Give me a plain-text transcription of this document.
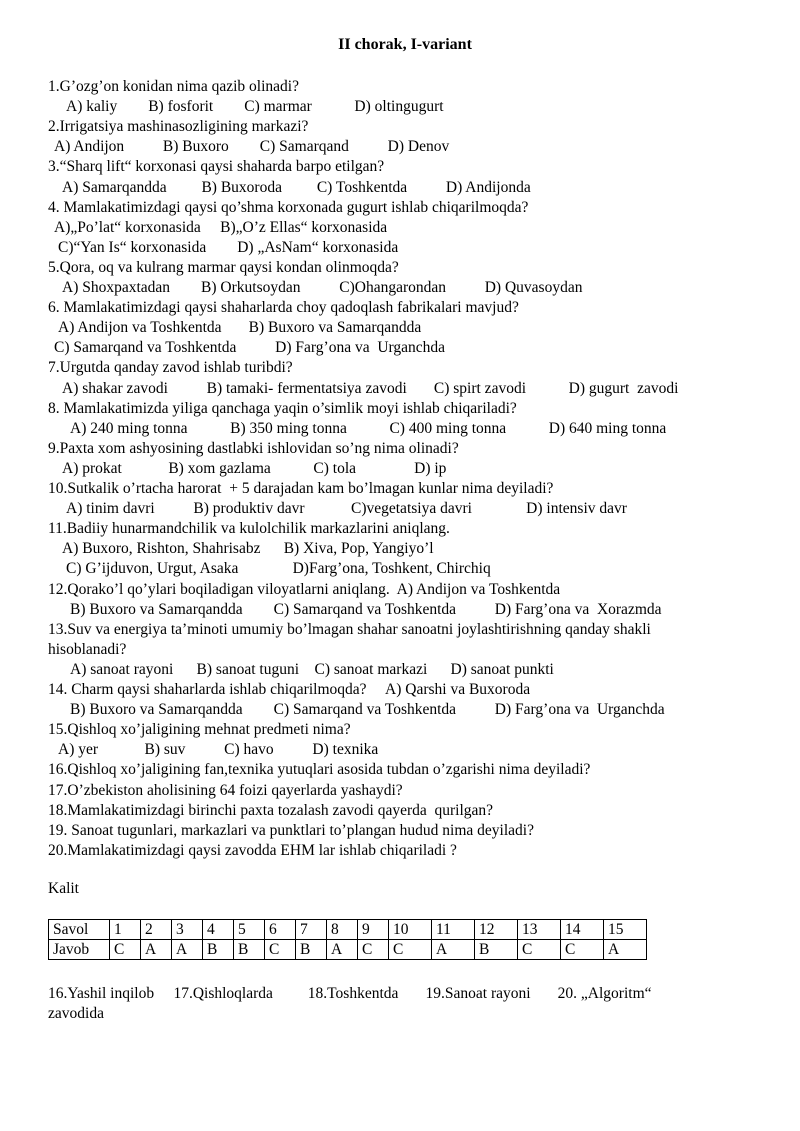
II chorak, I-variant
1.G’ozg’on konidan nima qazib olinadi?
A) kaliy        B) fosforit        C) marmar           D) oltingugurt
2.Irrigatsiya mashinasozligining markazi?
A) Andijon          B) Buxoro        C) Samarqand          D) Denov
3.“Sharq lift“ korxonasi qaysi shaharda barpo etilgan?
A) Samarqandda         B) Buxoroda         C) Toshkentda          D) Andijonda
4. Mamlakatimizdagi qaysi qo’shma korxonada gugurt ishlab chiqarilmoqda?
A)„Po’lat“ korxonasida     B)„O’z Ellas“ korxonasida
C)“Yan Is“ korxonasida        D) „AsNam“ korxonasida
5.Qora, oq va kulrang marmar qaysi kondan olinmoqda?
A) Shoxpaxtadan        B) Orkutsoydan          C)Ohangarondan          D) Quvasoydan
6. Mamlakatimizdagi qaysi shaharlarda choy qadoqlash fabrikalari mavjud?
A) Andijon va Toshkentda       B) Buxoro va Samarqandda
C) Samarqand va Toshkentda          D) Farg’ona va  Urganchda
7.Urgutda qanday zavod ishlab turibdi?
A) shakar zavodi          B) tamaki- fermentatsiya zavodi       C) spirt zavodi           D) gugurt  zavodi
8. Mamlakatimizda yiliga qanchaga yaqin o’simlik moyi ishlab chiqariladi?
A) 240 ming tonna           B) 350 ming tonna           C) 400 ming tonna           D) 640 ming tonna
9.Paxta xom ashyosining dastlabki ishlovidan so’ng nima olinadi?
A) prokat            B) xom gazlama           C) tola               D) ip
10.Sutkalik o’rtacha harorat  + 5 darajadan kam bo’lmagan kunlar nima deyiladi?
A) tinim davri          B) produktiv davr            C)vegetatsiya davri              D) intensiv davr
11.Badiiy hunarmandchilik va kulolchilik markazlarini aniqlang.
A) Buxoro, Rishton, Shahrisabz      B) Xiva, Pop, Yangiyo’l
C) G’ijduvon, Urgut, Asaka              D)Farg’ona, Toshkent, Chirchiq
12.Qorako’l qo’ylari boqiladigan viloyatlarni aniqlang.  A) Andijon va Toshkentda
B) Buxoro va Samarqandda        C) Samarqand va Toshkentda          D) Farg’ona va  Xorazmda
13.Suv va energiya ta’minoti umumiy bo’lmagan shahar sanoatni joylashtirishning qanday shakli
hisoblanadi?
A) sanoat rayoni      B) sanoat tuguni    C) sanoat markazi      D) sanoat punkti
14. Charm qaysi shaharlarda ishlab chiqarilmoqda?     A) Qarshi va Buxoroda
B) Buxoro va Samarqandda        C) Samarqand va Toshkentda          D) Farg’ona va  Urganchda
15.Qishloq xo’jaligining mehnat predmeti nima?
A) yer            B) suv          C) havo          D) texnika
16.Qishloq xo’jaligining fan,texnika yutuqlari asosida tubdan o’zgarishi nima deyiladi?
17.O’zbekiston aholisining 64 foizi qayerlarda yashaydi?
18.Mamlakatimizdagi birinchi paxta tozalash zavodi qayerda  qurilgan?
19. Sanoat tugunlari, markazlari va punktlari to’plangan hudud nima deyiladi?
20.Mamlakatimizdagi qaysi zavodda EHM lar ishlab chiqariladi ?
Kalit
Savol	1	2	3	4	5	6	7	8	9	10	11	12	13	14	15
Javob	C	A	A	B	B	C	B	A	C	C	A	B	C	C	A
16.Yashil inqilob     17.Qishloqlarda         18.Toshkentda       19.Sanoat rayoni       20. „Algoritm“
zavodida
